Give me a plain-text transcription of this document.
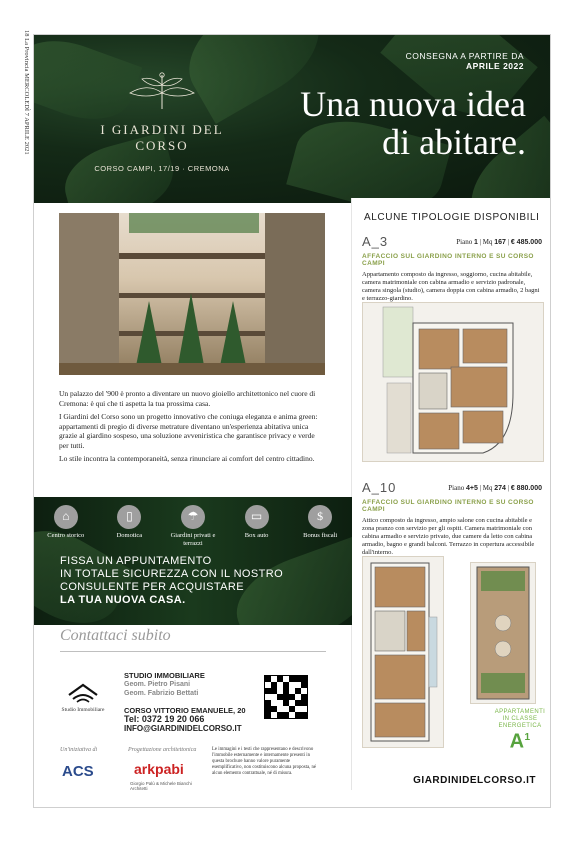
18 La Provincia MERCOLEDÌ 7 APRILE 2021	I GIARDINI DEL CORSO
CORSO CAMPI, 17/19 · CREMONA
CONSEGNA A PARTIRE DA
APRILE 2022
Una nuova idea
di abitare.

Un palazzo del '900 è pronto a diventare un nuovo gioiello architettonico nel cuore di Cremona: è qui che ti aspetta la tua prossima casa.

I Giardini del Corso sono un progetto innovativo che coniuga eleganza e anima green: appartamenti di pregio di diverse metrature diventano un'esperienza abitativa unica grazie al giardino sospeso, una soluzione avveniristica che garantisce privacy e verde per tutti.

Lo stile incontra la contemporaneità, senza rinunciare ai comfort del centro cittadino.

ALCUNE TIPOLOGIE DISPONIBILI
A_3	Piano 1 | Mq 167 | € 485.000
AFFACCIO SUL GIARDINO INTERNO E SU CORSO CAMPI
Appartamento composto da ingresso, soggiorno, cucina abitabile, camera matrimoniale con cabina armadio e servizio padronale, camera singola (studio), camera doppia con cabina armadio, 2 bagni e terrazzo-giardino.
A_10	Piano 4+5 | Mq 274 | € 880.000
AFFACCIO SUL GIARDINO INTERNO E SU CORSO CAMPI
Attico composto da ingresso, ampio salone con cucina abitabile e zona pranzo con servizio per gli ospiti. Camera matrimoniale con cabina armadio e servizio privato, due camere da letto con cabina armadio, bagno e grandi balconi. Terrazzo in copertura accessibile dall'interno.
⌂
Centro storico
▯
Domotica
☂
Giardini privati e terrazzi
▭
Box auto
$
Bonus fiscali
FISSA UN APPUNTAMENTO
IN TOTALE SICUREZZA CON IL NOSTRO
CONSULENTE PER ACQUISTARE
LA TUA NUOVA CASA.
Contattaci subito
Studio Immobiliare
STUDIO IMMOBILIARE
Geom. Pietro Pisani
Geom. Fabrizio Bettati
CORSO VITTORIO EMANUELE, 20
Tel: 0372 19 20 066
INFO@GIARDINIDELCORSO.IT
Un'iniziativa di
ACS
Progettazione architettonica
arkpabi
Giorgio Palù & Michele Bianchi Architetti
Le immagini e i testi che rappresentano e descrivono l'immobile esternamente e internamente presenti in questa brochure hanno valore puramente esemplificativo, non costituiscono alcuna proposta, né alcun elemento contrattuale, né di misura.
APPARTAMENTI
IN CLASSE
ENERGETICA
$A^1$
GIARDINIDELCORSO.IT
